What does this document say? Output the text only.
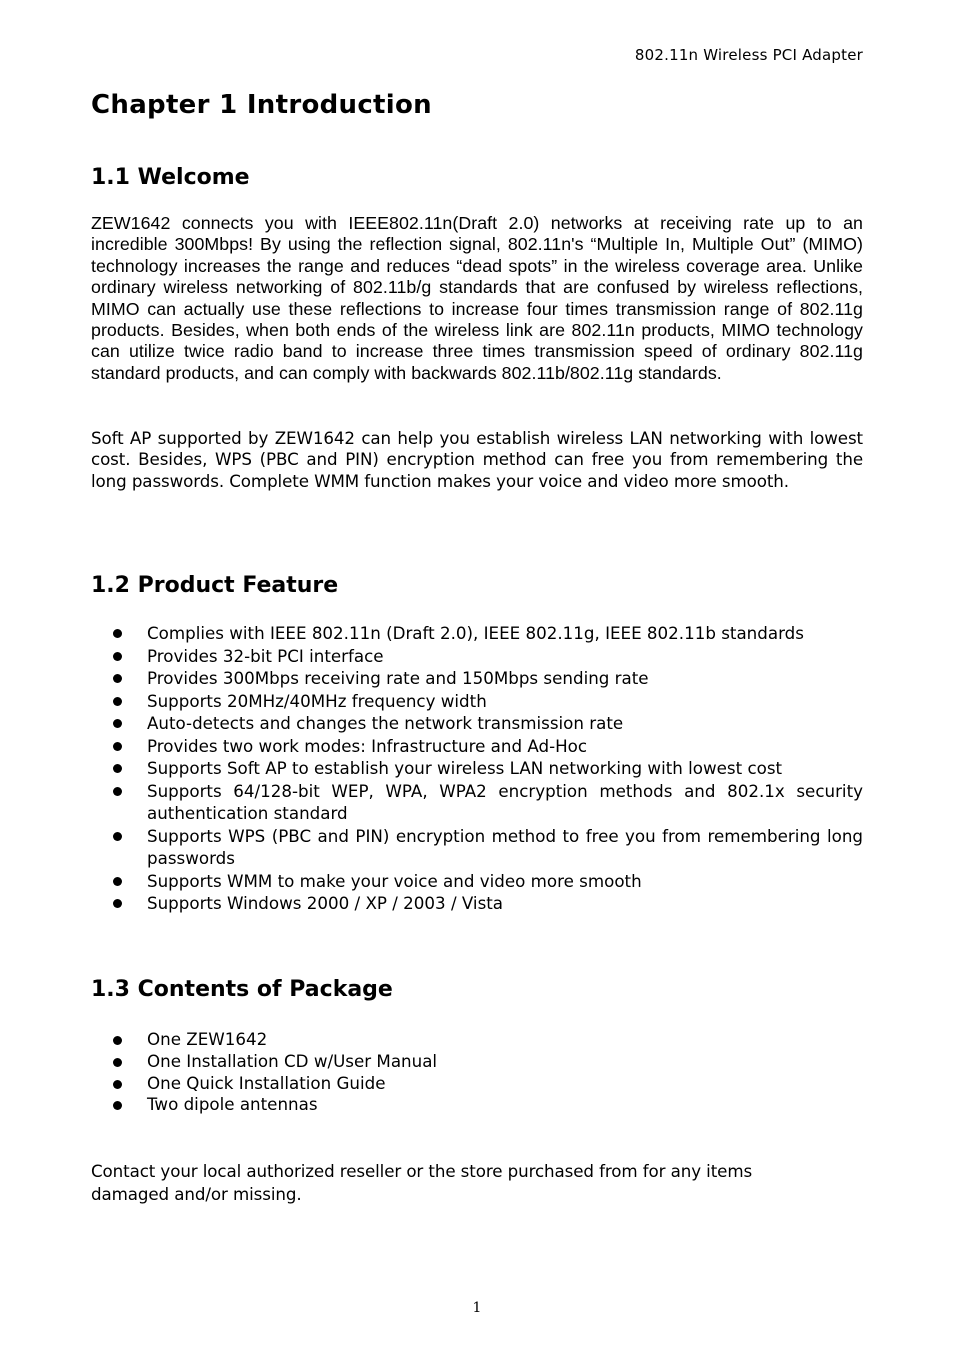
802.11n Wireless PCI Adapter
Chapter 1 Introduction
1.1 Welcome

ZEW1642 connects you with IEEE802.11n(Draft 2.0) networks at receiving rate up to an incredible 300Mbps! By using the reflection signal, 802.11n's “Multiple In, Multiple Out” (MIMO) technology increases the range and reduces “dead spots” in the wireless coverage area. Unlike ordinary wireless networking of 802.11b/g standards that are confused by wireless reflections, MIMO can actually use these reflections to increase four times transmission range of 802.11g products. Besides, when both ends of the wireless link are 802.11n products, MIMO technology can utilize twice radio band to increase three times transmission speed of ordinary 802.11g standard products, and can comply with backwards 802.11b/802.11g standards.

Soft AP supported by ZEW1642 can help you establish wireless LAN networking with lowest cost. Besides, WPS (PBC and PIN) encryption method can free you from remembering the long passwords. Complete WMM function makes your voice and video more smooth.

1.2 Product Feature
Complies with IEEE 802.11n (Draft 2.0), IEEE 802.11g, IEEE 802.11b standards
Provides 32-bit PCI interface
Provides 300Mbps receiving rate and 150Mbps sending rate
Supports 20MHz/40MHz frequency width
Auto-detects and changes the network transmission rate
Provides two work modes: Infrastructure and Ad-Hoc
Supports Soft AP to establish your wireless LAN networking with lowest cost
Supports 64/128-bit WEP, WPA, WPA2 encryption methods and 802.1x security authentication standard
Supports WPS (PBC and PIN) encryption method to free you from remembering long passwords
Supports WMM to make your voice and video more smooth
Supports Windows 2000 / XP / 2003 / Vista
1.3 Contents of Package
One ZEW1642
One Installation CD w/User Manual
One Quick Installation Guide
Two dipole antennas

Contact your local authorized reseller or the store purchased from for any items damaged and/or missing.

1
